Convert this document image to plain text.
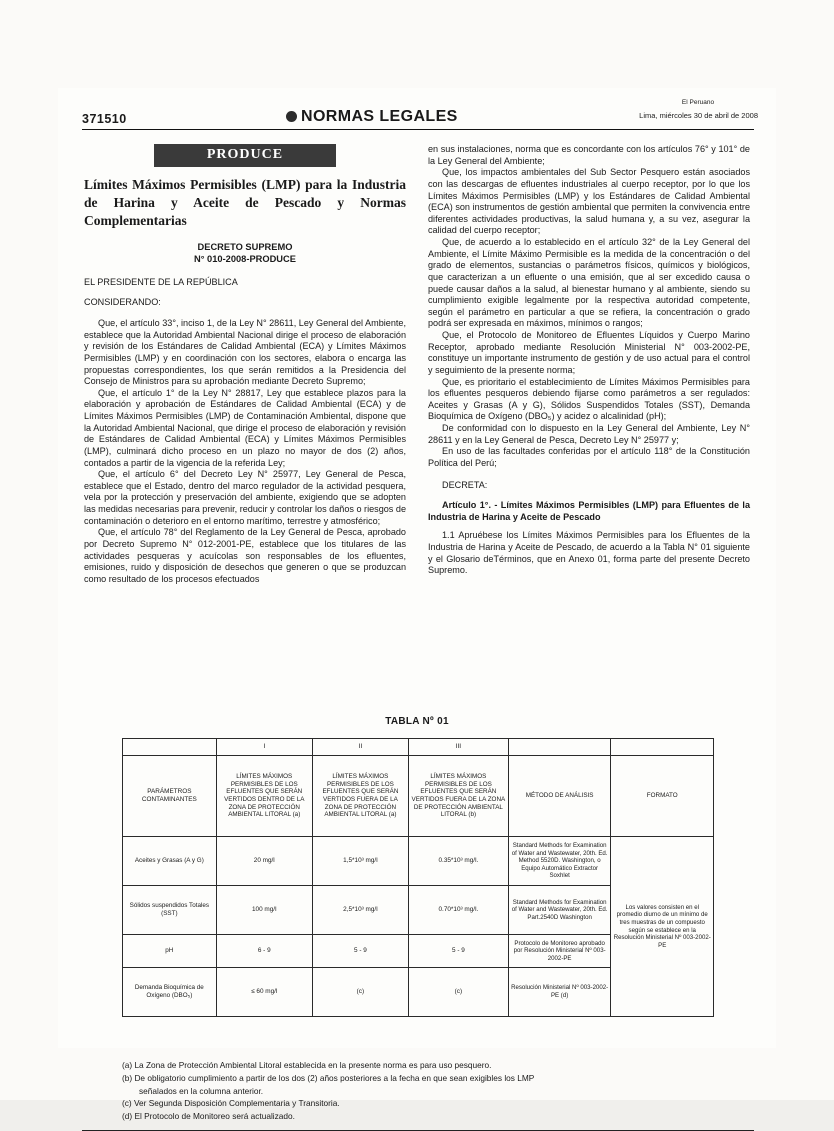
371510	NORMAS LEGALES
El Peruano
Lima, miércoles 30 de abril de 2008
PRODUCE
Límites Máximos Permisibles (LMP) para la Industria de Harina y Aceite de Pescado y Normas Complementarias
DECRETO SUPREMO
N° 010-2008-PRODUCE
EL PRESIDENTE DE LA REPÚBLICA
CONSIDERANDO:

Que, el artículo 33°, inciso 1, de la Ley N° 28611, Ley General del Ambiente, establece que la Autoridad Ambiental Nacional dirige el proceso de elaboración y revisión de los Estándares de Calidad Ambiental (ECA) y Límites Máximos Permisibles (LMP) y en coordinación con los sectores, elabora o encarga las propuestas correspondientes, los que serán remitidos a la Presidencia del Consejo de Ministros para su aprobación mediante Decreto Supremo;

Que, el artículo 1° de la Ley N° 28817, Ley que establece plazos para la elaboración y aprobación de Estándares de Calidad Ambiental (ECA) y de Límites Máximos Permisibles (LMP) de Contaminación Ambiental, dispone que la Autoridad Ambiental Nacional, que dirige el proceso de elaboración y revisión de Estándares de Calidad Ambiental (ECA) y Límites Máximos Permisibles (LMP), culminará dicho proceso en un plazo no mayor de dos (2) años, contados a partir de la vigencia de la referida Ley;

Que, el artículo 6° del Decreto Ley N° 25977, Ley General de Pesca, establece que el Estado, dentro del marco regulador de la actividad pesquera, vela por la protección y preservación del ambiente, exigiendo que se adopten las medidas necesarias para prevenir, reducir y controlar los daños o riesgos de contaminación o deterioro en el entorno marítimo, terrestre y atmosférico;

Que, el artículo 78° del Reglamento de la Ley General de Pesca, aprobado por Decreto Supremo N° 012-2001-PE, establece que los titulares de las actividades pesqueras y acuícolas son responsables de los efluentes, emisiones, ruido y disposición de desechos que generen o que se produzcan como resultado de los procesos efectuados

en sus instalaciones, norma que es concordante con los artículos 76° y 101° de la Ley General del Ambiente;

Que, los impactos ambientales del Sub Sector Pesquero están asociados con las descargas de efluentes industriales al cuerpo receptor, por lo que los Límites Máximos Permisibles (LMP) y los Estándares de Calidad Ambiental (ECA) son instrumentos de gestión ambiental que permiten la convivencia entre diferentes actividades productivas, la salud humana y, a su vez, asegurar la calidad del cuerpo receptor;

Que, de acuerdo a lo establecido en el artículo 32° de la Ley General del Ambiente, el Límite Máximo Permisible es la medida de la concentración o del grado de elementos, sustancias o parámetros físicos, químicos y biológicos, que caracterizan a un efluente o una emisión, que al ser excedido causa o puede causar daños a la salud, al bienestar humano y al ambiente, siendo su cumplimiento exigible legalmente por la respectiva autoridad competente, según el parámetro en particular a que se refiera, la concentración o grado podrá ser expresada en máximos, mínimos o rangos;

Que, el Protocolo de Monitoreo de Efluentes Líquidos y Cuerpo Marino Receptor, aprobado mediante Resolución Ministerial N° 003-2002-PE, constituye un importante instrumento de gestión y de uso actual para el control y seguimiento de la presente norma;

Que, es prioritario el establecimiento de Límites Máximos Permisibles para los efluentes pesqueros debiendo fijarse como parámetros a ser regulados: Aceites y Grasas (A y G), Sólidos Suspendidos Totales (SST), Demanda Bioquímica de Oxígeno (DBO₅) y acidez o alcalinidad (pH);

De conformidad con lo dispuesto en la Ley General del Ambiente, Ley N° 28611 y en la Ley General de Pesca, Decreto Ley N° 25977 y;

En uso de las facultades conferidas por el artículo 118° de la Constitución Política del Perú;

DECRETA:
Artículo 1°. - Límites Máximos Permisibles (LMP) para Efluentes de la Industria de Harina y Aceite de Pescado

1.1 Apruébese los Límites Máximos Permisibles para los Efluentes de la Industria de Harina y Aceite de Pescado, de acuerdo a la Tabla N° 01 siguiente y el Glosario deTérminos, que en Anexo 01, forma parte del presente Decreto Supremo.

TABLA Nº 01
	I	II	III		
PARÁMETROS CONTAMINANTES	LÍMITES MÁXIMOS PERMISIBLES DE LOS EFLUENTES QUE SERÁN VERTIDOS DENTRO DE LA ZONA DE PROTECCIÓN AMBIENTAL LITORAL (a)	LÍMITES MÁXIMOS PERMISIBLES DE LOS EFLUENTES QUE SERÁN VERTIDOS FUERA DE LA ZONA DE PROTECCIÓN AMBIENTAL LITORAL (a)	LÍMITES MÁXIMOS PERMISIBLES DE LOS EFLUENTES QUE SERÁN VERTIDOS FUERA DE LA ZONA DE PROTECCIÓN AMBIENTAL LITORAL (b)	MÉTODO DE ANÁLISIS	FORMATO
Aceites y Grasas (A y G)	20 mg/l	1,5*10³ mg/l	0.35*10³ mg/l.	Standard Methods for Examination of Water and Wastewater, 20th. Ed. Method 5520D. Washington, o Equipo Automático Extractor Soxhlet	Los valores consisten en el promedio diurno de un mínimo de tres muestras de un compuesto según se establece en la Resolución Ministerial Nº 003-2002-PE
Sólidos suspendidos Totales (SST)	100 mg/l	2,5*10³ mg/l	0.70*10³ mg/l.	Standard Methods for Examination of Water and Wastewater, 20th. Ed. Part.2540D Washington	
pH	6 - 9	5 - 9	5 - 9	Protocolo de Monitoreo aprobado por Resolución Ministerial Nº 003-2002-PE	
Demanda Bioquímica de Oxígeno (DBO₅)	≤ 60 mg/l	(c)	(c)	Resolución Ministerial Nº 003-2002-PE (d)	
(a) La Zona de Protección Ambiental Litoral establecida en la presente norma es para uso pesquero.
(b) De obligatorio cumplimiento a partir de los dos (2) años posteriores a la fecha en que sean exigibles los LMP
señalados en la columna anterior.
(c) Ver Segunda Disposición Complementaria y Transitoria.
(d) El Protocolo de Monitoreo será actualizado.
